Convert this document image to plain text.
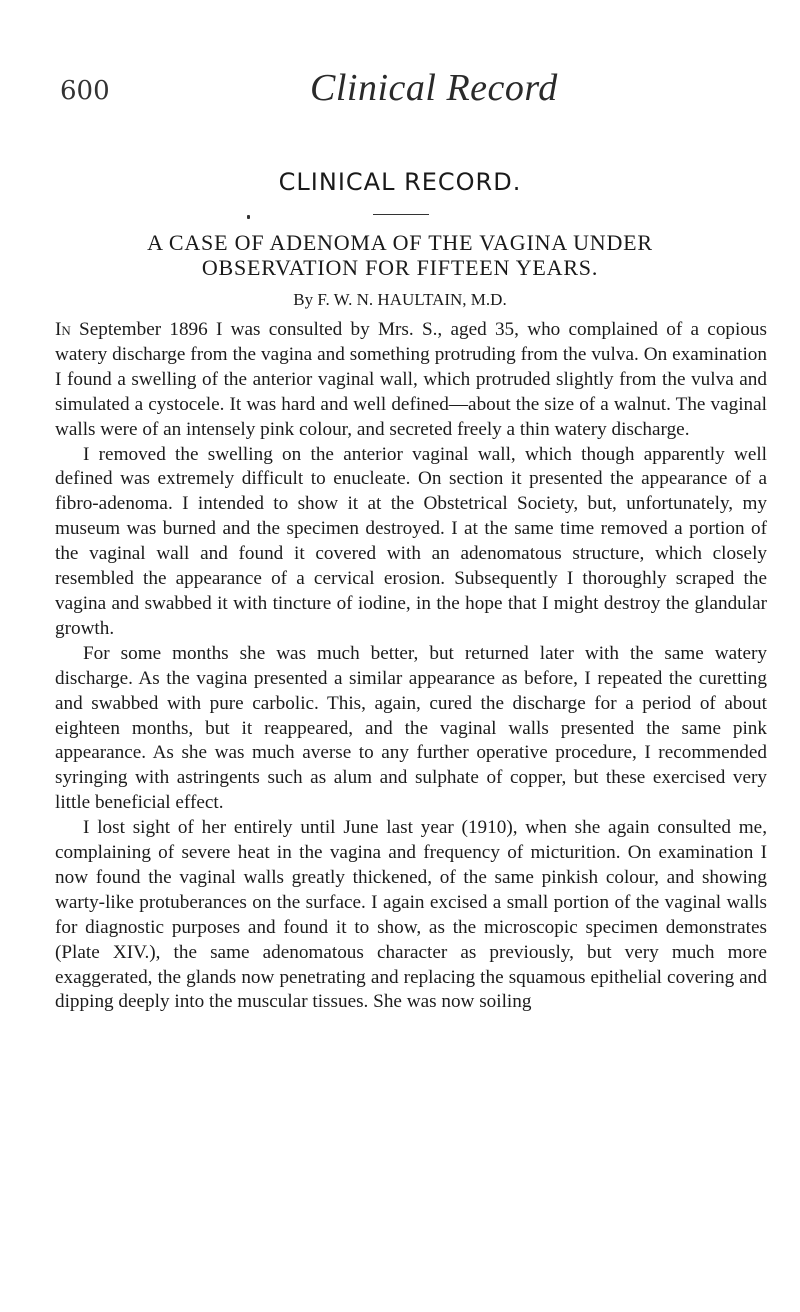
600	Clinical Record
CLINICAL RECORD.
A CASE OF ADENOMA OF THE VAGINA UNDER
OBSERVATION FOR FIFTEEN YEARS.
By F. W. N. HAULTAIN, M.D.

In September 1896 I was consulted by Mrs. S., aged 35, who complained of a copious watery discharge from the vagina and something protruding from the vulva. On examination I found a swelling of the anterior vaginal wall, which protruded slightly from the vulva and simulated a cystocele. It was hard and well defined—about the size of a walnut. The vaginal walls were of an intensely pink colour, and secreted freely a thin watery discharge.

I removed the swelling on the anterior vaginal wall, which though apparently well defined was extremely difficult to enucleate. On section it presented the appearance of a fibro-adenoma. I intended to show it at the Obstetrical Society, but, unfortunately, my museum was burned and the specimen destroyed. I at the same time removed a portion of the vaginal wall and found it covered with an adenomatous structure, which closely resembled the appearance of a cervical erosion. Subsequently I thoroughly scraped the vagina and swabbed it with tincture of iodine, in the hope that I might destroy the glandular growth.

For some months she was much better, but returned later with the same watery discharge. As the vagina presented a similar appearance as before, I repeated the curetting and swabbed with pure carbolic. This, again, cured the discharge for a period of about eighteen months, but it reappeared, and the vaginal walls presented the same pink appearance. As she was much averse to any further operative procedure, I recommended syringing with astringents such as alum and sulphate of copper, but these exercised very little beneficial effect.

I lost sight of her entirely until June last year (1910), when she again consulted me, complaining of severe heat in the vagina and frequency of micturition. On examination I now found the vaginal walls greatly thickened, of the same pinkish colour, and showing warty-like protuberances on the surface. I again excised a small portion of the vaginal walls for diagnostic purposes and found it to show, as the microscopic specimen demonstrates (Plate XIV.), the same adenomatous character as previously, but very much more exaggerated, the glands now penetrating and replacing the squamous epithelial covering and dipping deeply into the muscular tissues. She was now soiling
